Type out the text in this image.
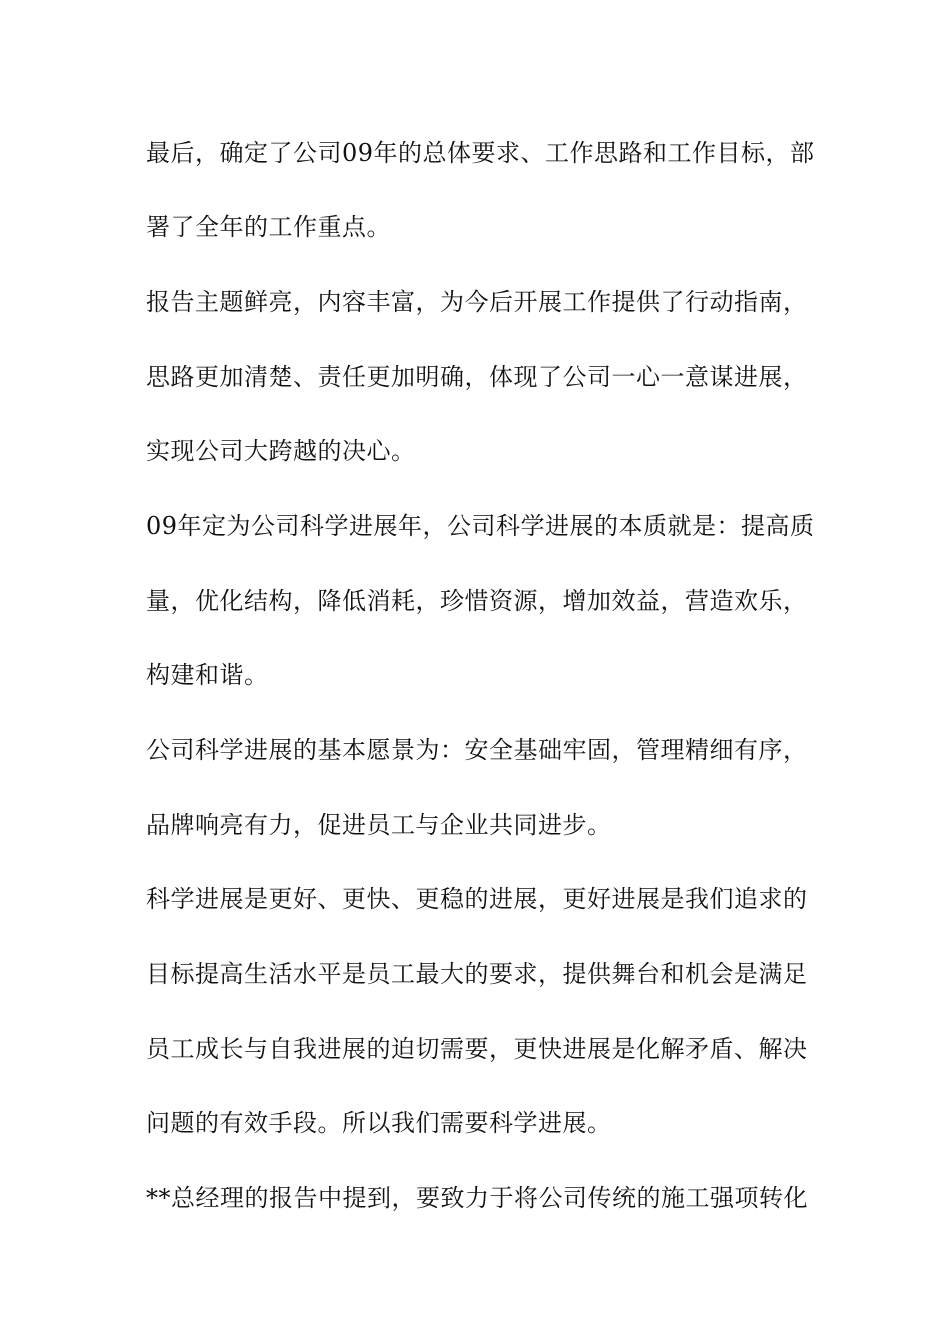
最后，确定了公司09年的总体要求、工作思路和工作目标，部
署了全年的工作重点。
报告主题鲜亮，内容丰富，为今后开展工作提供了行动指南，
思路更加清楚、责任更加明确，体现了公司一心一意谋进展，
实现公司大跨越的决心。
09年定为公司科学进展年，公司科学进展的本质就是：提高质
量，优化结构，降低消耗，珍惜资源，增加效益，营造欢乐，
构建和谐。
公司科学进展的基本愿景为：安全基础牢固，管理精细有序，
品牌响亮有力，促进员工与企业共同进步。
科学进展是更好、更快、更稳的进展，更好进展是我们追求的
目标提高生活水平是员工最大的要求，提供舞台和机会是满足
员工成长与自我进展的迫切需要，更快进展是化解矛盾、解决
问题的有效手段。所以我们需要科学进展。
**总经理的报告中提到，要致力于将公司传统的施工强项转化
